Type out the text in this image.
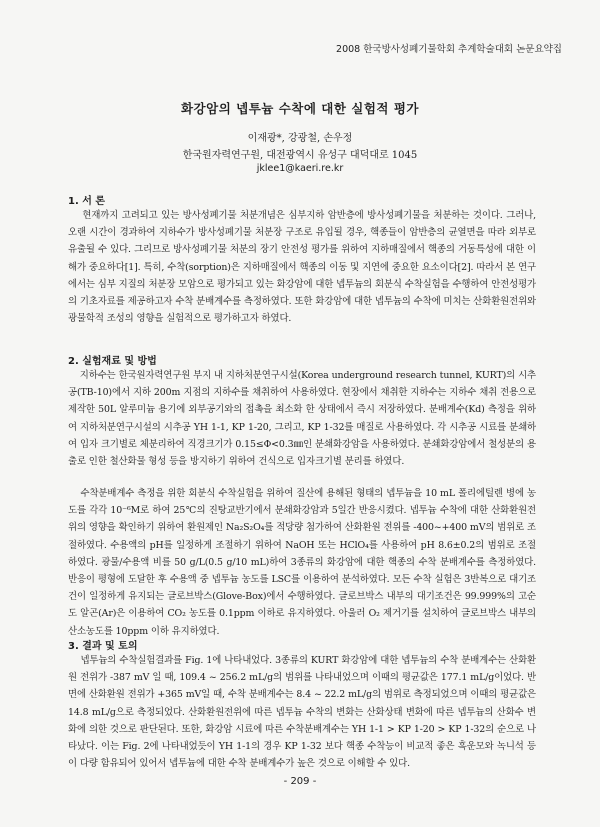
2008 한국방사성폐기물학회 추계학술대회 논문요약집
화강암의 넵투늄 수착에 대한 실험적 평가
이재광*, 강광철, 손우정
한국원자력연구원, 대전광역시 유성구 대덕대로 1045
jklee1@kaeri.re.kr
1. 서 론
현재까지 고려되고 있는 방사성폐기물 처분개념은 심부지하 암반층에 방사성폐기물을 처분하는 것이다. 그러나, 오랜 시간이 경과하여 지하수가 방사성폐기물 처분장 구조로 유입될 경우, 핵종들이 암반층의 균열면을 따라 외부로 유출될 수 있다. 그리므로 방사성폐기물 처분의 장기 안전성 평가를 위하여 지하매질에서 핵종의 거동특성에 대한 이해가 중요하다[1]. 특히, 수착(sorption)은 지하매질에서 핵종의 이동 및 지연에 중요한 요소이다[2]. 따라서 본 연구에서는 심부 지질의 처분장 모암으로 평가되고 있는 화강암에 대한 넵투늄의 회분식 수착실험을 수행하여 안전성평가의 기초자료를 제공하고자 수착 분배계수를 측정하였다. 또한 화강암에 대한 넵투늄의 수착에 미치는 산화환원전위와 광물학적 조성의 영향을 실험적으로 평가하고자 하였다.
2. 실험재료 및 방법
지하수는 한국원자력연구원 부지 내 지하처분연구시설(Korea underground research tunnel, KURT)의 시추공(TB-10)에서 지하 200m 지점의 지하수를 채취하여 사용하였다. 현장에서 채취한 지하수는 지하수 채취 전용으로 제작한 50L 알루미늄 용기에 외부공기와의 접촉을 최소화 한 상태에서 즉시 저장하였다. 분배계수(Kd) 측정을 위하여 지하처분연구시설의 시추공 YH 1-1, KP 1-20, 그리고, KP 1-32를 매질로 사용하였다. 각 시추공 시료를 분쇄하여 입자 크기별로 체분리하여 직경크기가 0.15≤Φ<0.3㎜인 분쇄화강암을 사용하였다. 분쇄화강암에서 철성분의 용출로 인한 철산화물 형성 등을 방지하기 위하여 건식으로 입자크기별 분리를 하였다.
수착분배계수 측정을 위한 회분식 수착실험을 위하여 질산에 용해된 형태의 넵투늄을 10 mL 폴리에틸렌 병에 농도를 각각 10⁻⁶M로 하여 25℃의 진탕교반기에서 분쇄화강암과 5일간 반응시켰다. 넵투늄 수착에 대한 산화환원전위의 영향을 확인하기 위하여 환원제인 Na₂S₂O₄를 적당량 첨가하여 산화환원 전위를 -400~+400 mV의 범위로 조절하였다. 수용액의 pH를 일정하게 조절하기 위하여 NaOH 또는 HClO₄를 사용하여 pH 8.6±0.2의 범위로 조절하였다. 광물/수용액 비를 50 g/L(0.5 g/10 mL)하여 3종류의 화강암에 대한 핵종의 수착 분배계수를 측정하였다. 반응이 평형에 도달한 후 수용액 중 넵투늄 농도를 LSC를 이용하여 분석하였다. 모든 수착 실험은 3반복으로 대기조건이 일정하게 유지되는 글로브박스(Glove-Box)에서 수행하였다. 글로브박스 내부의 대기조건은 99.999%의 고순도 알곤(Ar)은 이용하여 CO₂ 농도를 0.1ppm 이하로 유지하였다. 아울러 O₂ 제거기를 설치하여 글로브박스 내부의 산소농도를 10ppm 이하 유지하였다.
3. 결과 및 토의
넵투늄의 수착실험결과를 Fig. 1에 나타내었다. 3종류의 KURT 화강암에 대한 넵투늄의 수착 분배계수는 산화환원 전위가 -387 mV 일 때, 109.4 ~ 256.2 mL/g의 범위를 나타내었으며 이때의 평균값은 177.1 mL/g이었다. 반면에 산화환원 전위가 +365 mV일 때, 수착 분배계수는 8.4 ~ 22.2 mL/g의 범위로 측정되었으며 이때의 평균값은 14.8 mL/g으로 측정되었다. 산화환원전위에 따른 넵투늄 수착의 변화는 산화상태 변화에 따른 넵투늄의 산화수 변화에 의한 것으로 판단된다. 또한, 화강암 시료에 따른 수착분배계수는 YH 1-1 > KP 1-20 > KP 1-32의 순으로 나타났다. 이는 Fig. 2에 나타내었듯이 YH 1-1의 경우 KP 1-32 보다 핵종 수착능이 비교적 좋은 흑운모와 녹니석 등이 다량 함유되어 있어서 넵투늄에 대한 수착 분배계수가 높은 것으로 이해할 수 있다.
- 209 -
